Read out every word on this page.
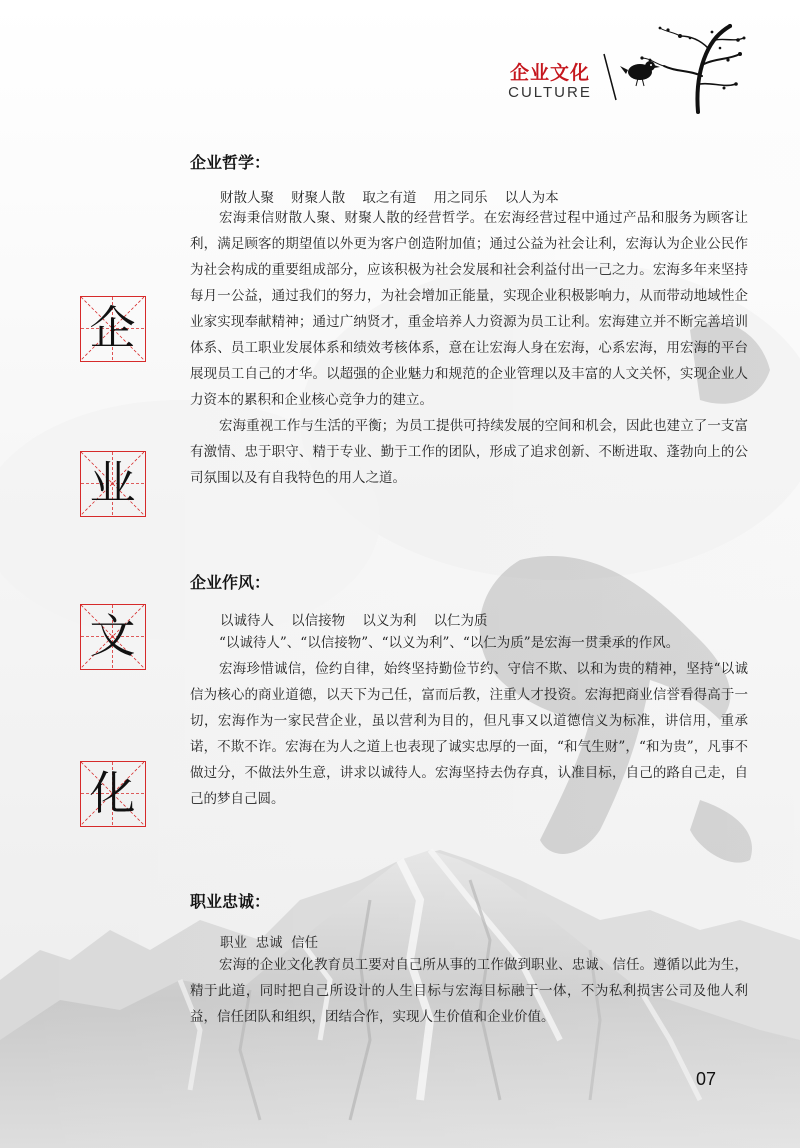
企业文化
CULTURE
企
业
文
化
企业哲学：
财散人聚    财聚人散    取之有道    用之同乐    以人为本
宏海秉信财散人聚、财聚人散的经营哲学。在宏海经营过程中通过产品和服务为顾客让利，满足顾客的期望值以外更为客户创造附加值；通过公益为社会让利，宏海认为企业公民作为社会构成的重要组成部分，应该积极为社会发展和社会利益付出一己之力。宏海多年来坚持每月一公益，通过我们的努力，为社会增加正能量，实现企业积极影响力，从而带动地域性企业家实现奉献精神；通过广纳贤才，重金培养人力资源为员工让利。宏海建立并不断完善培训体系、员工职业发展体系和绩效考核体系，意在让宏海人身在宏海，心系宏海，用宏海的平台展现员工自己的才华。以超强的企业魅力和规范的企业管理以及丰富的人文关怀，实现企业人力资本的累积和企业核心竞争力的建立。
宏海重视工作与生活的平衡；为员工提供可持续发展的空间和机会，因此也建立了一支富有激情、忠于职守、精于专业、勤于工作的团队，形成了追求创新、不断进取、蓬勃向上的公司氛围以及有自我特色的用人之道。
企业作风：
以诚待人    以信接物    以义为利    以仁为质
“以诚待人”、“以信接物”、“以义为利”、“以仁为质”是宏海一贯秉承的作风。
宏海珍惜诚信，俭约自律，始终坚持勤俭节约、守信不欺、以和为贵的精神，坚持“以诚信为核心的商业道德，以天下为己任，富而后教，注重人才投资。宏海把商业信誉看得高于一切，宏海作为一家民营企业，虽以营利为目的，但凡事又以道德信义为标准，讲信用，重承诺，不欺不诈。宏海在为人之道上也表现了诚实忠厚的一面，“和气生财”，“和为贵”，凡事不做过分，不做法外生意，讲求以诚待人。宏海坚持去伪存真，认准目标，自己的路自己走，自己的梦自己圆。
职业忠诚：
职业  忠诚  信任
宏海的企业文化教育员工要对自己所从事的工作做到职业、忠诚、信任。遵循以此为生，精于此道，同时把自己所设计的人生目标与宏海目标融于一体，不为私利损害公司及他人利益，信任团队和组织，团结合作，实现人生价值和企业价值。
07
